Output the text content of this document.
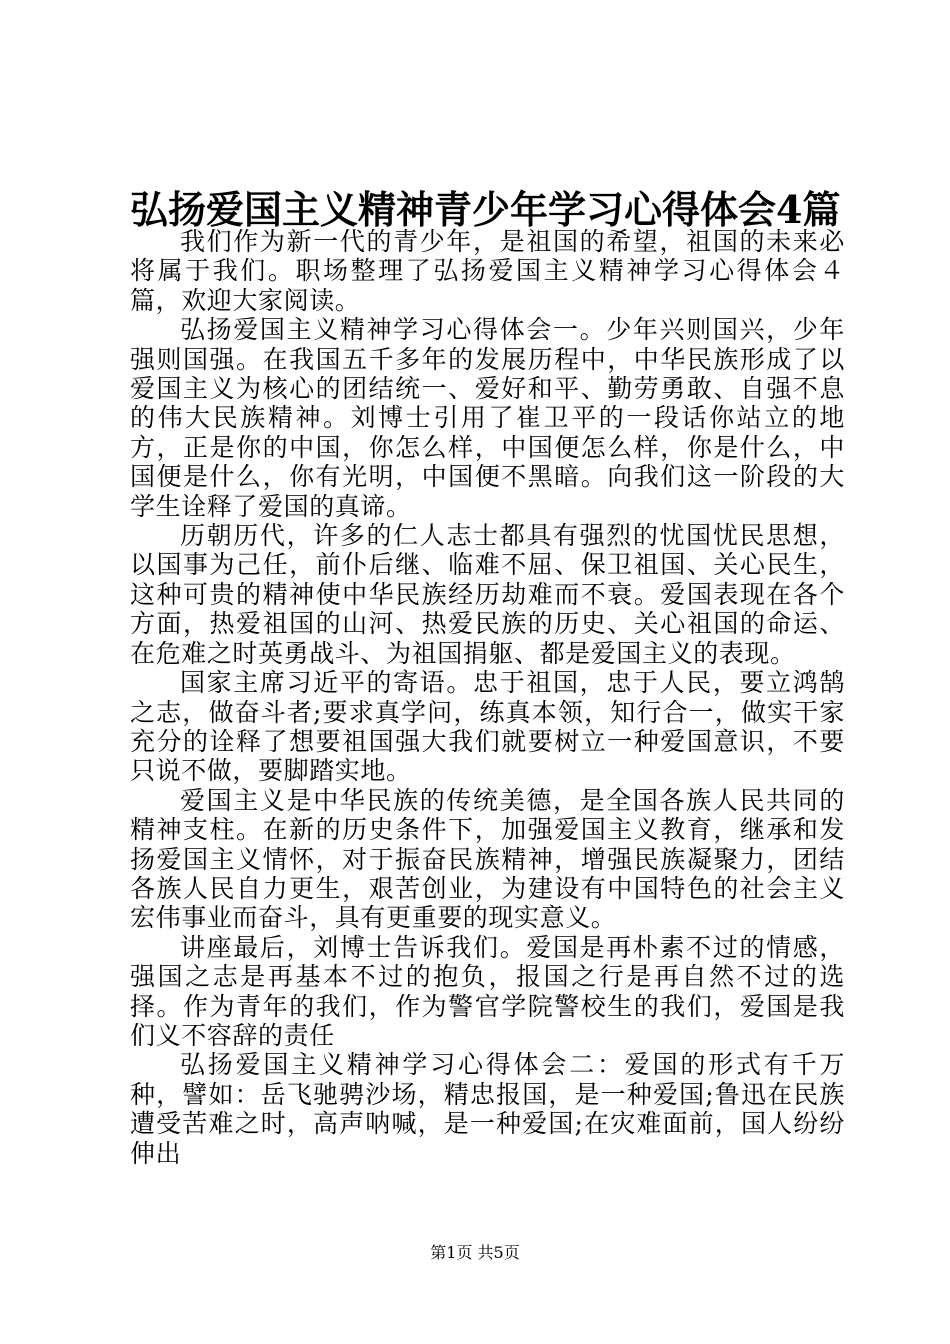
弘扬爱国主义精神青少年学习心得体会4篇

我们作为新一代的青少年，是祖国的希望，祖国的未来必将属于我们。职场整理了弘扬爱国主义精神学习心得体会４篇，欢迎大家阅读。

弘扬爱国主义精神学习心得体会一。少年兴则国兴，少年强则国强。在我国五千多年的发展历程中，中华民族形成了以爱国主义为核心的团结统一、爱好和平、勤劳勇敢、自强不息的伟大民族精神。刘博士引用了崔卫平的一段话你站立的地方，正是你的中国，你怎么样，中国便怎么样，你是什么，中国便是什么，你有光明，中国便不黑暗。向我们这一阶段的大学生诠释了爱国的真谛。

历朝历代，许多的仁人志士都具有强烈的忧国忧民思想，以国事为己任，前仆后继、临难不屈、保卫祖国、关心民生，这种可贵的精神使中华民族经历劫难而不衰。爱国表现在各个方面，热爱祖国的山河、热爱民族的历史、关心祖国的命运、在危难之时英勇战斗、为祖国捐躯、都是爱国主义的表现。

国家主席习近平的寄语。忠于祖国，忠于人民，要立鸿鹄之志，做奋斗者;要求真学问，练真本领，知行合一，做实干家充分的诠释了想要祖国强大我们就要树立一种爱国意识，不要只说不做，要脚踏实地。

爱国主义是中华民族的传统美德，是全国各族人民共同的精神支柱。在新的历史条件下，加强爱国主义教育，继承和发扬爱国主义情怀，对于振奋民族精神，增强民族凝聚力，团结各族人民自力更生，艰苦创业，为建设有中国特色的社会主义宏伟事业而奋斗，具有更重要的现实意义。

讲座最后，刘博士告诉我们。爱国是再朴素不过的情感，强国之志是再基本不过的抱负，报国之行是再自然不过的选择。作为青年的我们，作为警官学院警校生的我们，爱国是我们义不容辞的责任

弘扬爱国主义精神学习心得体会二：爱国的形式有千万种，譬如：岳飞驰骋沙场，精忠报国，是一种爱国;鲁迅在民族遭受苦难之时，高声呐喊，是一种爱国;在灾难面前，国人纷纷伸出

第1页 共5页
